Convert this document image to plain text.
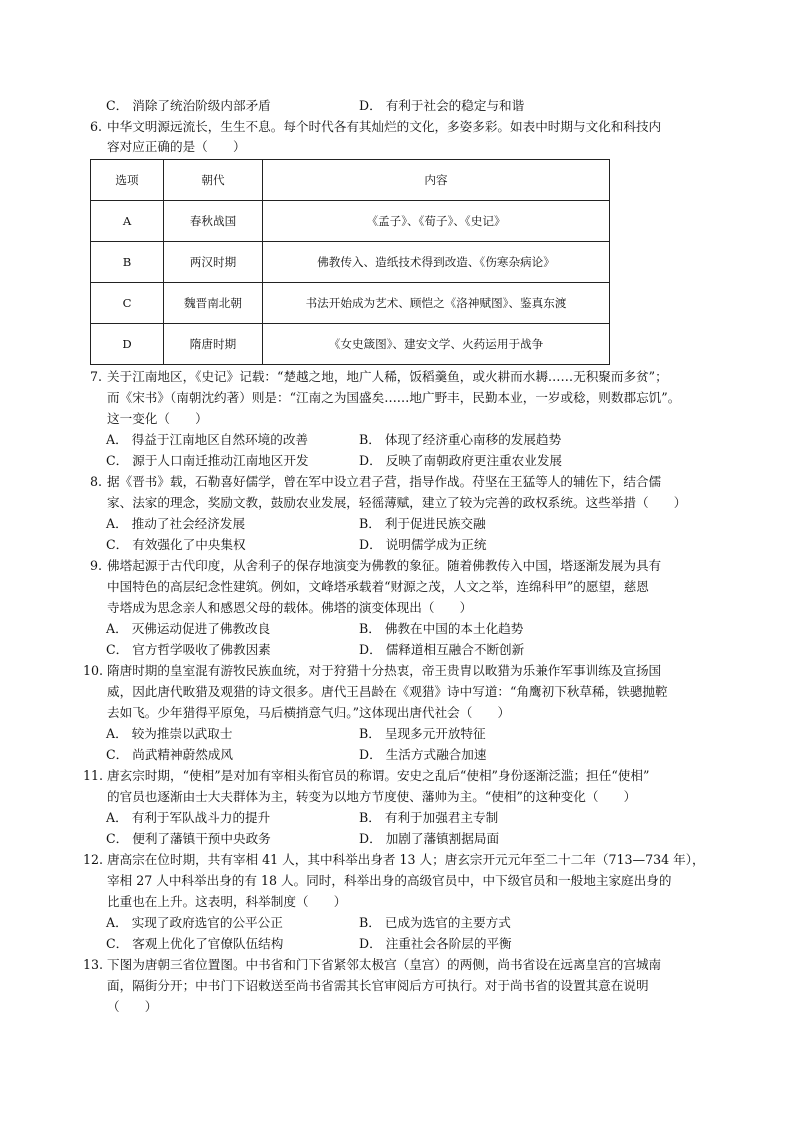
C． 消除了统治阶级内部矛盾	D． 有利于社会的稳定与和谐
6. 中华文明源远流长，生生不息。每个时代各有其灿烂的文化，多姿多彩。如表中时期与文化和科技内
容对应正确的是（　　）
选项	朝代	内容
A	春秋战国	《孟子》、《荀子》、《史记》
B	两汉时期	佛教传入、造纸技术得到改造、《伤寒杂病论》
C	魏晋南北朝	书法开始成为艺术、顾恺之《洛神赋图》、鉴真东渡
D	隋唐时期	《女史箴图》、建安文学、火药运用于战争
7. 关于江南地区，《史记》记载：“楚越之地，地广人稀，饭稻羹鱼，或火耕而水耨……无积聚而多贫”；
而《宋书》（南朝沈约著）则是：“江南之为国盛矣……地广野丰，民勤本业，一岁或稔，则数郡忘饥”。
这一变化（　　）
A． 得益于江南地区自然环境的改善	B． 体现了经济重心南移的发展趋势
C． 源于人口南迁推动江南地区开发	D． 反映了南朝政府更注重农业发展
8. 据《晋书》载，石勒喜好儒学，曾在军中设立君子营，指导作战。苻坚在王猛等人的辅佐下，结合儒
家、法家的理念，奖励文教，鼓励农业发展，轻徭薄赋，建立了较为完善的政权系统。这些举措（　　）
A． 推动了社会经济发展	B． 利于促进民族交融
C． 有效强化了中央集权	D． 说明儒学成为正统
9. 佛塔起源于古代印度，从舍利子的保存地演变为佛教的象征。随着佛教传入中国，塔逐渐发展为具有
中国特色的高层纪念性建筑。例如，文峰塔承载着“财源之茂，人文之举，连绵科甲”的愿望，慈恩
寺塔成为思念亲人和感恩父母的载体。佛塔的演变体现出（　　）
A． 灭佛运动促进了佛教改良	B． 佛教在中国的本土化趋势
C． 官方哲学吸收了佛教因素	D． 儒释道相互融合不断创新
10. 隋唐时期的皇室混有游牧民族血统，对于狩猎十分热衷，帝王贵胄以畋猎为乐兼作军事训练及宣扬国
威，因此唐代畋猎及观猎的诗文很多。唐代王昌龄在《观猎》诗中写道：“角鹰初下秋草稀，铁骢抛鞚
去如飞。少年猎得平原兔，马后横捎意气归。”这体现出唐代社会（　　）
A． 较为推崇以武取士	B． 呈现多元开放特征
C． 尚武精神蔚然成风	D． 生活方式融合加速
11. 唐玄宗时期，“使相”是对加有宰相头衔官员的称谓。安史之乱后“使相”身份逐渐泛滥；担任“使相”
的官员也逐渐由士大夫群体为主，转变为以地方节度使、藩帅为主。“使相”的这种变化（　　）
A． 有利于军队战斗力的提升	B． 有利于加强君主专制
C． 便利了藩镇干预中央政务	D． 加剧了藩镇割据局面
12. 唐高宗在位时期，共有宰相 41 人，其中科举出身者 13 人；唐玄宗开元元年至二十二年（713—734 年），
宰相 27 人中科举出身的有 18 人。同时，科举出身的高级官员中，中下级官员和一般地主家庭出身的
比重也在上升。这表明，科举制度（　　）
A． 实现了政府选官的公平公正	B． 已成为选官的主要方式
C． 客观上优化了官僚队伍结构	D． 注重社会各阶层的平衡
13. 下图为唐朝三省位置图。中书省和门下省紧邻太极宫（皇宫）的两侧，尚书省设在远离皇宫的宫城南
面，隔街分开；中书门下诏敕送至尚书省需其长官审阅后方可执行。对于尚书省的设置其意在说明
（　　）
